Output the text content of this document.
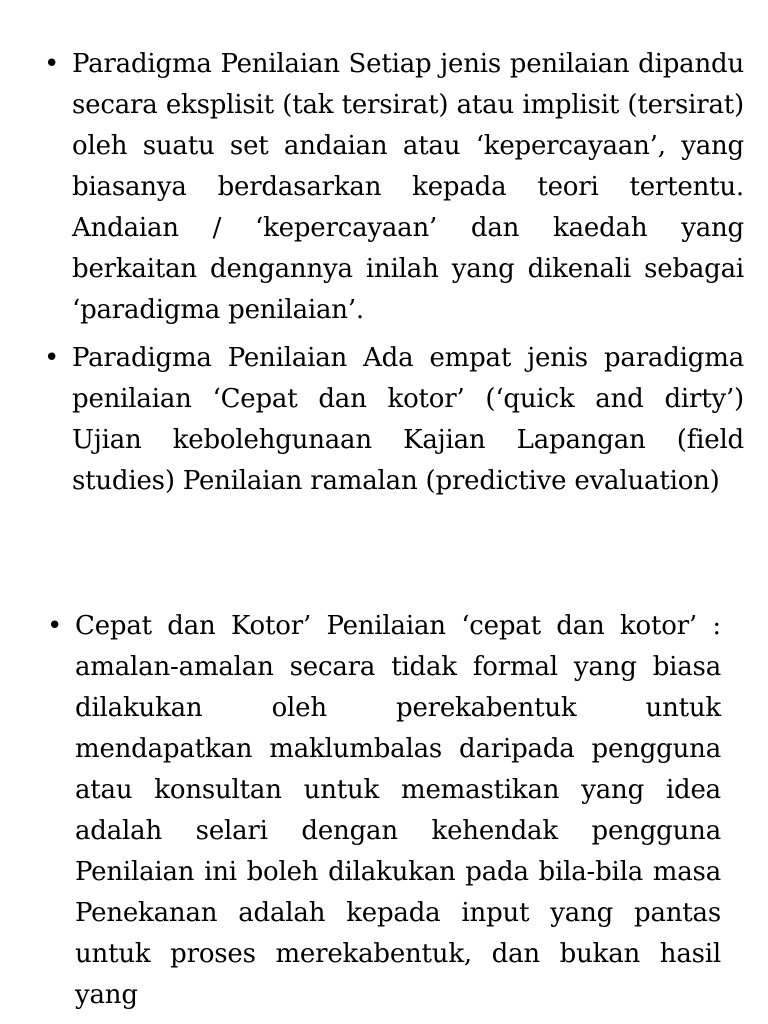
• Paradigma Penilaian Setiap jenis penilaian dipandu secara eksplisit (tak tersirat) atau implisit (tersirat) oleh suatu set andaian atau ‘kepercayaan’, yang biasanya berdasarkan kepada teori tertentu. Andaian / ‘kepercayaan’ dan kaedah yang berkaitan dengannya inilah yang dikenali sebagai ‘paradigma penilaian’.
• Paradigma Penilaian Ada empat jenis paradigma penilaian ‘Cepat dan kotor’ (‘quick and dirty’) Ujian kebolehgunaan Kajian Lapangan (field studies) Penilaian ramalan (predictive evaluation)
• Cepat dan Kotor’ Penilaian ‘cepat dan kotor’ : amalan-amalan secara tidak formal yang biasa dilakukan oleh perekabentuk untuk mendapatkan maklumbalas daripada pengguna atau konsultan untuk memastikan yang idea adalah selari dengan kehendak pengguna Penilaian ini boleh dilakukan pada bila-bila masa Penekanan adalah kepada input yang pantas untuk proses merekabentuk, dan bukan hasil yang
